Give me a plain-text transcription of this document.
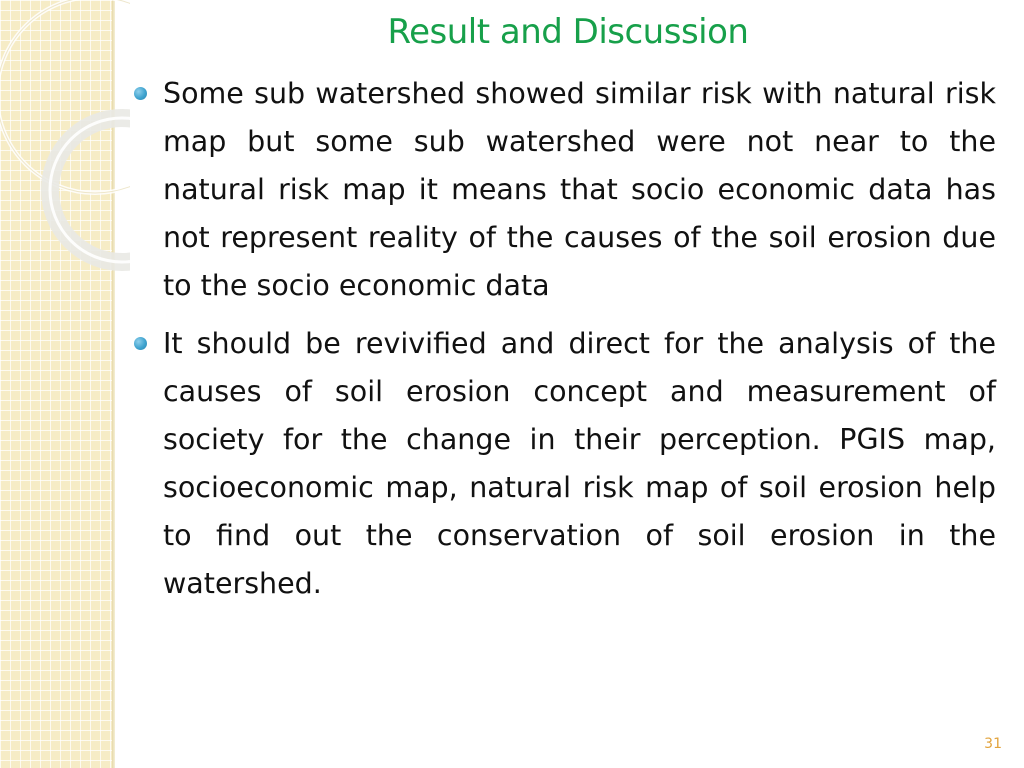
Result and Discussion
Some sub watershed showed similar risk with natural risk map but some sub watershed were not near to the natural risk map it means that socio economic data has not represent reality of the causes of the soil erosion due to the socio economic data
It should be revivified and direct for the analysis of the causes of soil erosion concept and measurement of society for the change in their perception. PGIS map, socioeconomic map, natural risk map of soil erosion help to find out the conservation of soil erosion in the watershed.
31
